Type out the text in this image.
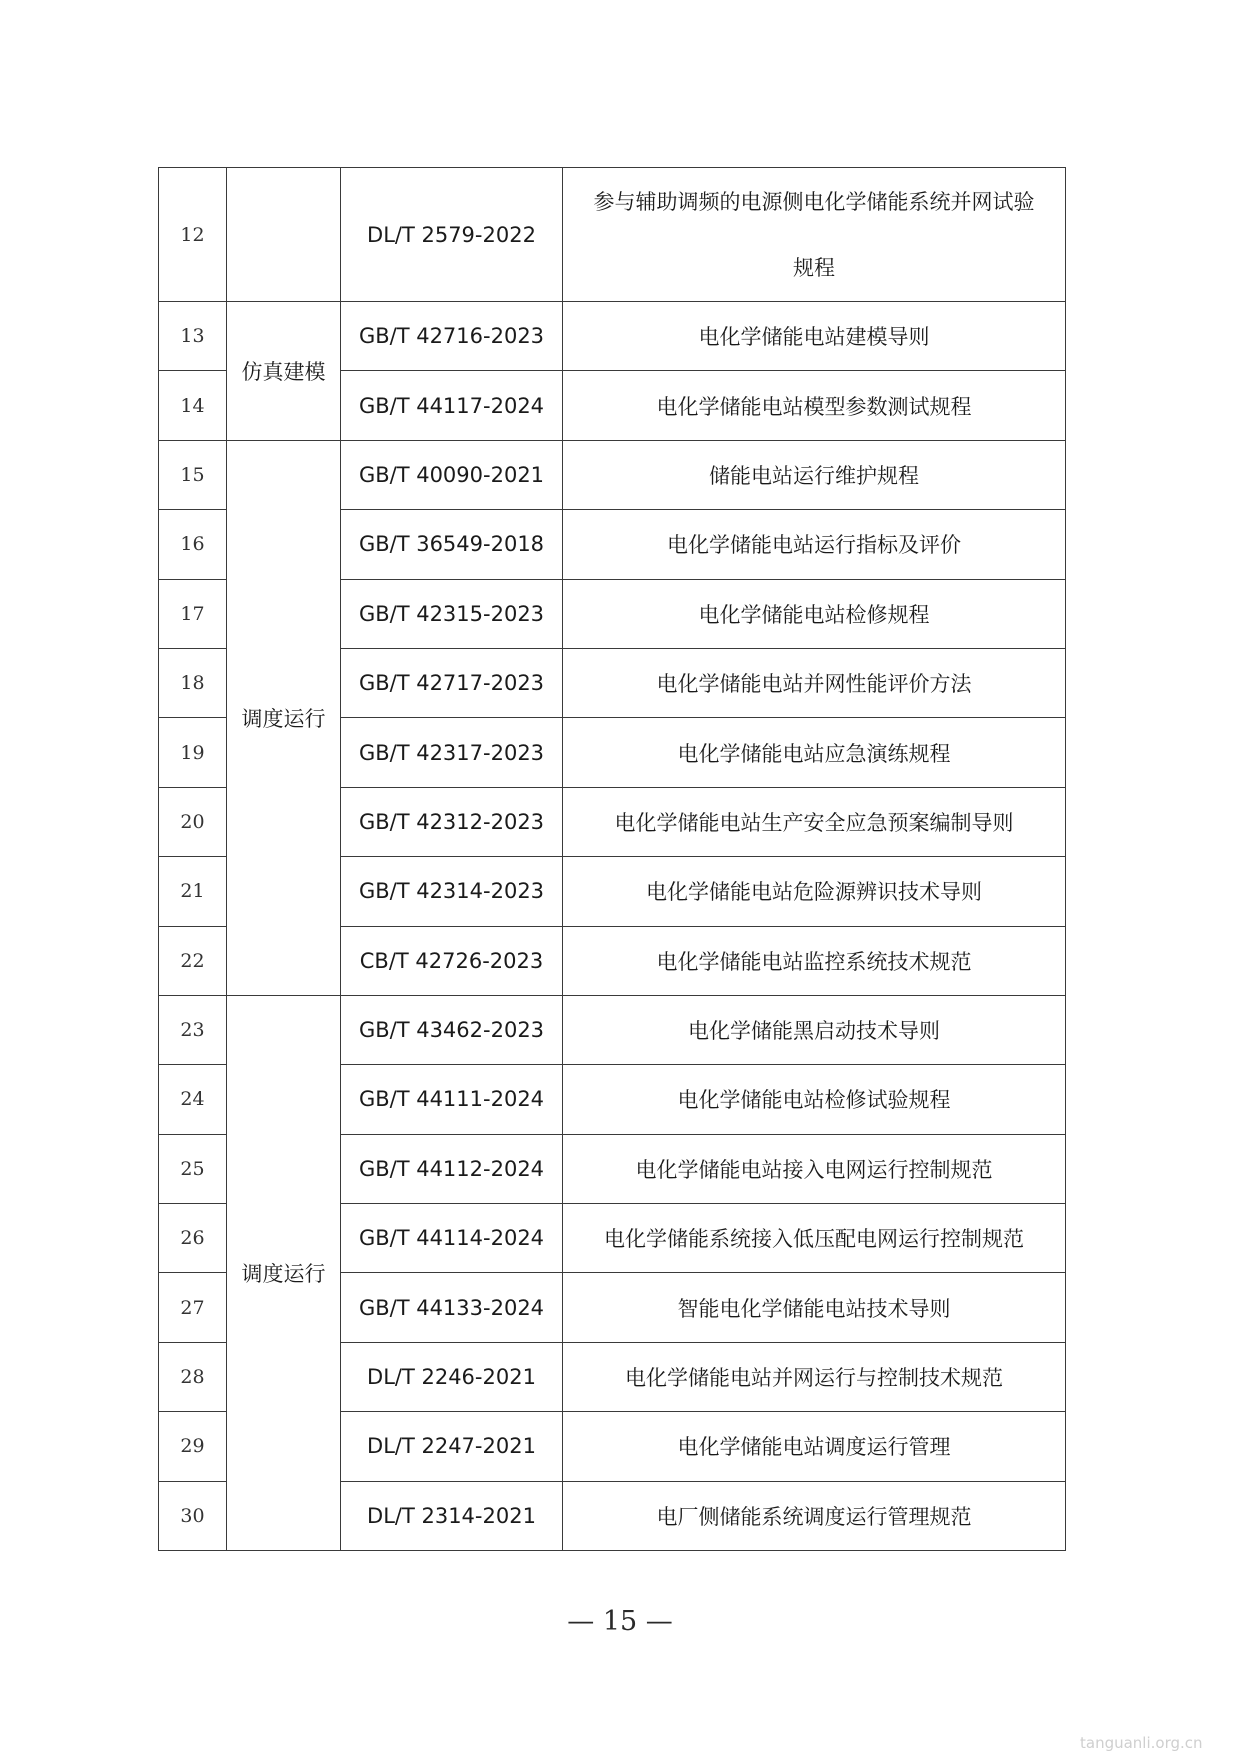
12		DL/T 2579-2022	参与辅助调频的电源侧电化学储能系统并网试验规程

13	仿真建模	GB/T 42716-2023	电化学储能电站建模导则
14		GB/T 44117-2024	电化学储能电站模型参数测试规程
15	调度运行	GB/T 40090-2021	储能电站运行维护规程
16		GB/T 36549-2018	电化学储能电站运行指标及评价
17		GB/T 42315-2023	电化学储能电站检修规程
18		GB/T 42717-2023	电化学储能电站并网性能评价方法
19		GB/T 42317-2023	电化学储能电站应急演练规程
20		GB/T 42312-2023	电化学储能电站生产安全应急预案编制导则
21		GB/T 42314-2023	电化学储能电站危险源辨识技术导则
22		CB/T 42726-2023	电化学储能电站监控系统技术规范
23	调度运行	GB/T 43462-2023	电化学储能黑启动技术导则
24		GB/T 44111-2024	电化学储能电站检修试验规程
25		GB/T 44112-2024	电化学储能电站接入电网运行控制规范
26		GB/T 44114-2024	电化学储能系统接入低压配电网运行控制规范
27		GB/T 44133-2024	智能电化学储能电站技术导则
28		DL/T 2246-2021	电化学储能电站并网运行与控制技术规范
29		DL/T 2247-2021	电化学储能电站调度运行管理
30		DL/T 2314-2021	电厂侧储能系统调度运行管理规范
— 15 —
tanguanli.org.cn
